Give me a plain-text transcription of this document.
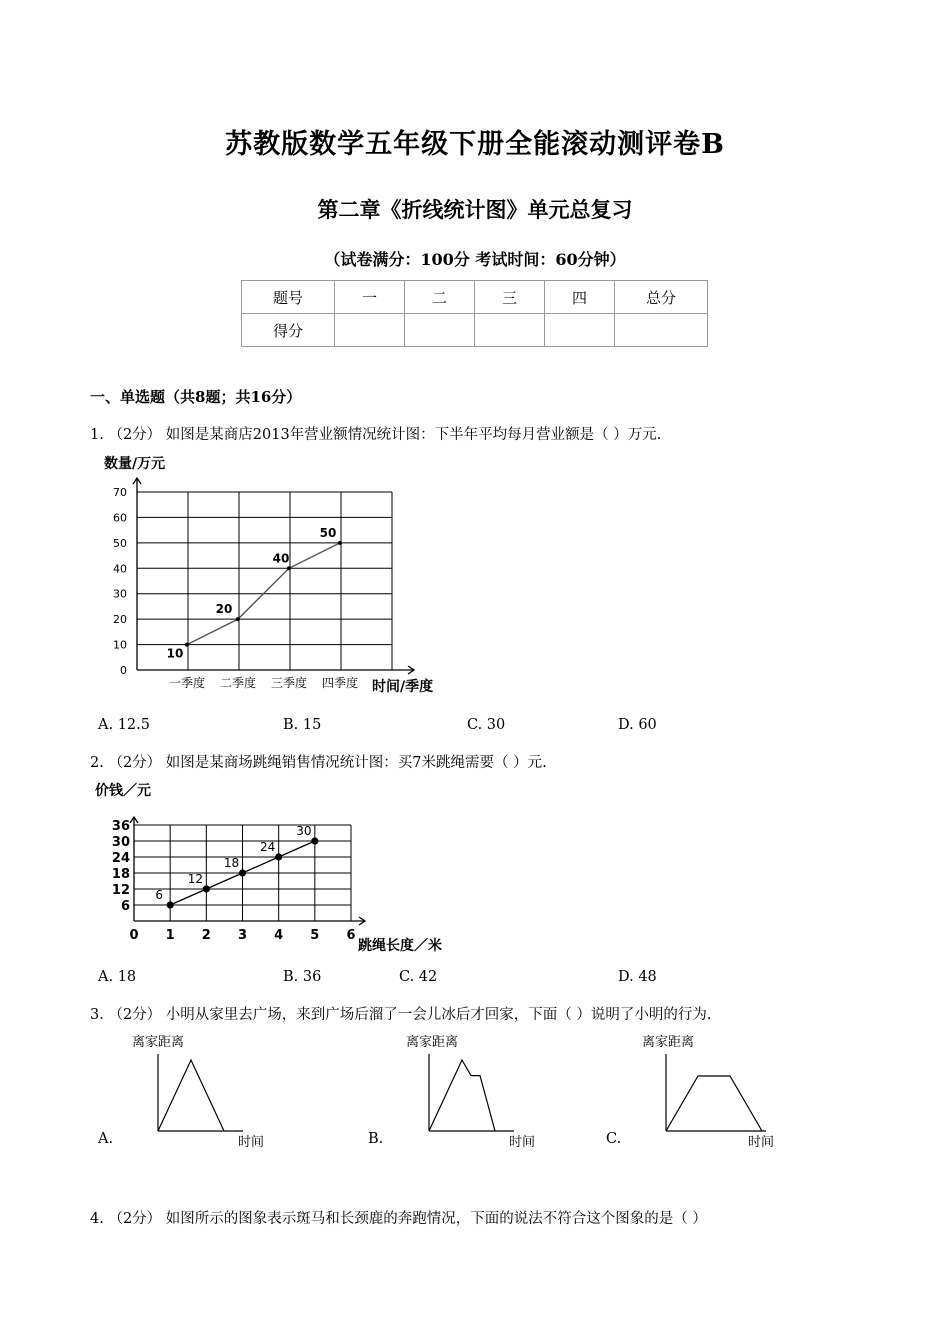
苏教版数学五年级下册全能滚动测评卷B
第二章《折线统计图》单元总复习
（试卷满分：100分 考试时间：60分钟）
题号	一	二	三	四	总分
得分					
一、单选题（共8题；共16分）
1. （2分） 如图是某商店2013年营业额情况统计图：下半年平均每月营业额是（ ）万元.
数量/万元
0
10
20
30
40
50
60
70
一季度 二季度 三季度 四季度
10
20
40
50
时间/季度
A. 12.5	B. 15	C. 30	D. 60
2. （2分） 如图是某商场跳绳销售情况统计图：买7米跳绳需要（ ）元.
价钱／元
6
12
18
24
30
36
0 1 2 3 4 5 6
6
12
18
24
30
跳绳长度／米
A. 18	B. 36	C. 42	D. 48
3. （2分） 小明从家里去广场，来到广场后溜了一会儿冰后才回家，下面（ ）说明了小明的行为.
A.	B.	C.
离家距离
时间
离家距离
时间
离家距离
时间
4. （2分） 如图所示的图象表示斑马和长颈鹿的奔跑情况，下面的说法不符合这个图象的是（ ）
